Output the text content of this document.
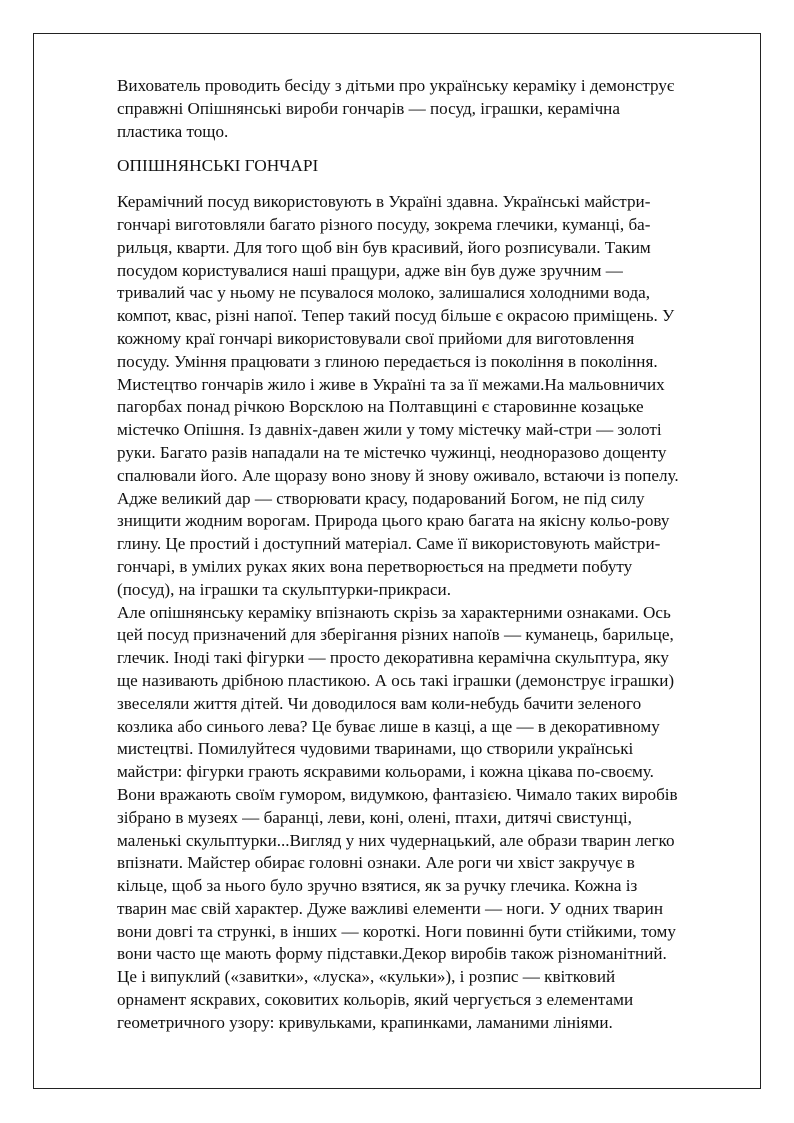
Вихователь проводить бесіду з дітьми про українську кераміку і демонструє
справжні Опішнянські вироби гончарів — посуд, іграшки, керамічна
пластика тощо.
ОПІШНЯНСЬКІ ГОНЧАРІ
Керамічний посуд використовують в Україні здавна. Українські майстри-
гончарі виготовляли багато різного посуду, зокрема глечики, куманці, ба-
рильця, кварти. Для того щоб він був красивий, його розписували. Таким
посудом користувалися наші пращури, адже він був дуже зручним —
тривалий час у ньому не псувалося молоко, залишалися холодними вода,
компот, квас, різні напої. Тепер такий посуд більше є окрасою приміщень. У
кожному краї гончарі використовували свої прийоми для виготовлення
посуду. Уміння працювати з глиною передається із покоління в покоління.
Мистецтво гончарів жило і живе в Україні та за її межами.На мальовничих
пагорбах понад річкою Ворсклою на Полтавщині є старовинне козацьке
містечко Опішня. Із давніх-давен жили у тому містечку май-стри — золоті
руки. Багато разів нападали на те містечко чужинці, неодноразово дощенту
спалювали його. Але щоразу воно знову й знову оживало, встаючи із попелу.
Адже великий дар — створювати красу, подарований Богом, не під силу
знищити жодним ворогам. Природа цього краю багата на якісну кольо-рову
глину. Це простий і доступний матеріал. Саме її використовують майстри-
гончарі, в умілих руках яких вона перетворюється на предмети побуту
(посуд), на іграшки та скульптурки-прикраси.
Але опішнянську кераміку впізнають скрізь за характерними ознаками. Ось
цей посуд призначений для зберігання різних напоїв — куманець, барильце,
глечик. Іноді такі фігурки — просто декоративна керамічна скульптура, яку
ще називають дрібною пластикою. А ось такі іграшки (демонструє іграшки)
звеселяли життя дітей. Чи доводилося вам коли-небудь бачити зеленого
козлика або синього лева? Це буває лише в казці, а ще — в декоративному
мистецтві. Помилуйтеся чудовими тваринами, що створили українські
майстри: фігурки грають яскравими кольорами, і кожна цікава по-своєму.
Вони вражають своїм гумором, видумкою, фантазією. Чимало таких виробів
зібрано в музеях — баранці, леви, коні, олені, птахи, дитячі свистунці,
маленькі скульптурки...Вигляд у них чудернацький, але образи тварин легко
впізнати. Майстер обирає головні ознаки. Але роги чи хвіст закручує в
кільце, щоб за нього було зручно взятися, як за ручку глечика. Кожна із
тварин має свій характер. Дуже важливі елементи — ноги. У одних тварин
вони довгі та стрункі, в інших — короткі. Ноги повинні бути стійкими, тому
вони часто ще мають форму підставки.Декор виробів також різноманітний.
Це і випуклий («завитки», «луска», «кульки»), і розпис — квітковий
орнамент яскравих, соковитих кольорів, який чергується з елементами
геометричного узору: кривульками, крапинками, ламаними лініями.
